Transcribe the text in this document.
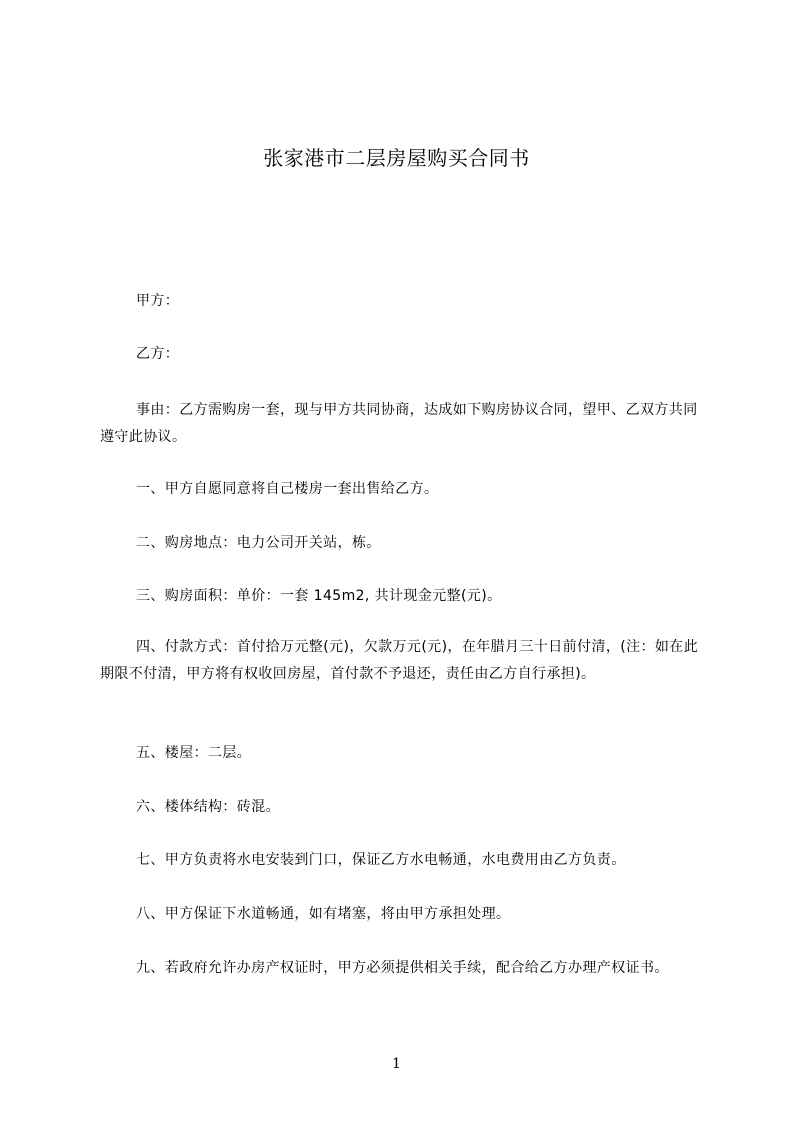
张家港市二层房屋购买合同书
甲方：
乙方：
事由：乙方需购房一套，现与甲方共同协商，达成如下购房协议合同，望甲、乙双方共同遵守此协议。
一、甲方自愿同意将自己楼房一套出售给乙方。
二、购房地点：电力公司开关站，栋。
三、购房面积：单价：一套 145m2, 共计现金元整(元)。
四、付款方式：首付拾万元整(元)，欠款万元(元)，在年腊月三十日前付清，(注：如在此期限不付清，甲方将有权收回房屋，首付款不予退还，责任由乙方自行承担)。
五、楼屋：二层。
六、楼体结构：砖混。
七、甲方负责将水电安装到门口，保证乙方水电畅通，水电费用由乙方负责。
八、甲方保证下水道畅通，如有堵塞，将由甲方承担处理。
九、若政府允许办房产权证时，甲方必须提供相关手续，配合给乙方办理产权证书。
1
